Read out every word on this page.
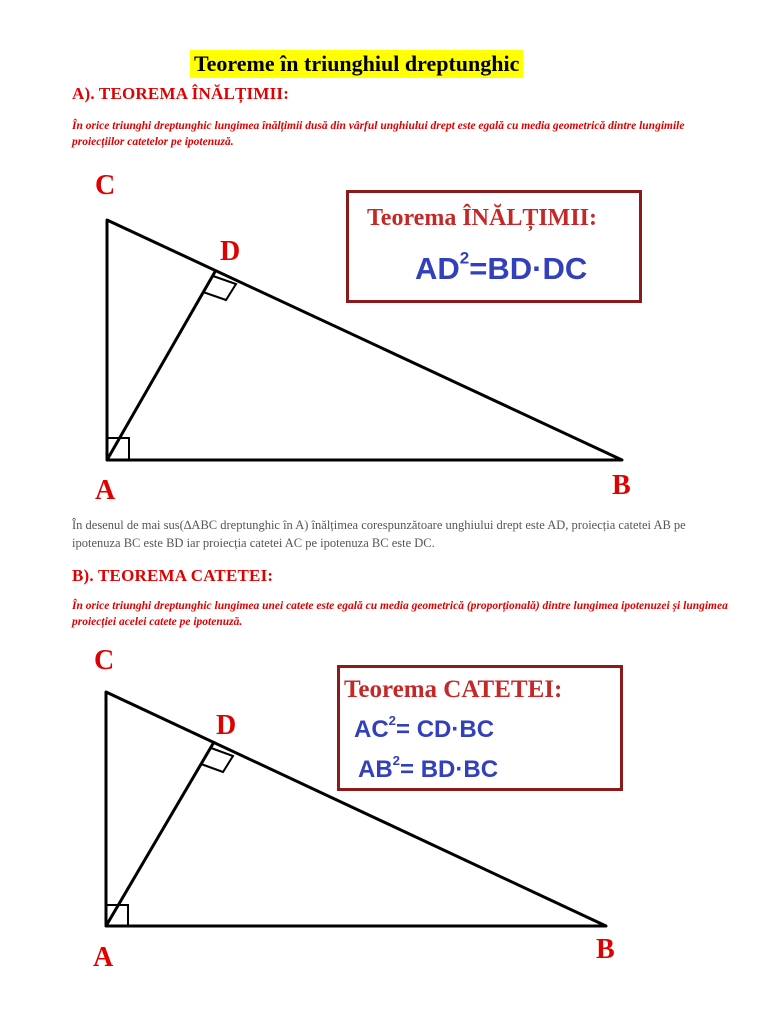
Teoreme în triunghiul dreptunghic
A). TEOREMA ÎNĂLȚIMII:
În orice triunghi dreptunghic lungimea înălțimii dusă din vârful unghiului drept este egală cu media geometrică dintre lungimile proiecțiilor catetelor pe ipotenuză.
C
D
A	B
Teorema ÎNĂLȚIMII:
$AD^2=BD\cdot DC$
În desenul de mai sus(∆ABC dreptunghic în A) înălțimea corespunzătoare unghiului drept este AD, proiecția catetei AB pe ipotenuza BC este BD iar proiecția catetei AC pe ipotenuza BC este DC.
B). TEOREMA CATETEI:
În orice triunghi dreptunghic lungimea unei catete este egală cu media geometrică (proporțională) dintre lungimea ipotenuzei și lungimea proiecției acelei catete pe ipotenuză.
C
D
A	B
Teorema CATETEI:
$AC^2= CD\cdot BC$
$AB^2= BD\cdot BC$
